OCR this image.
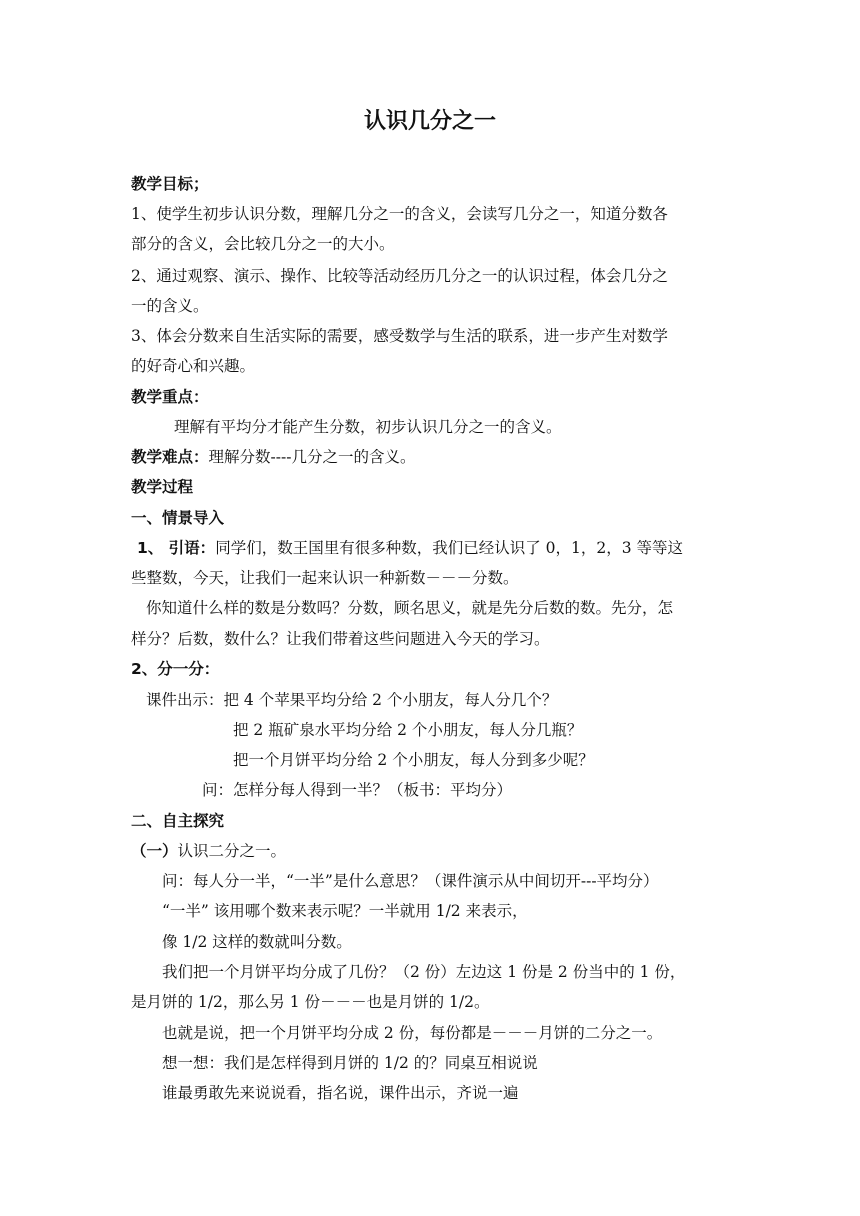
认识几分之一
教学目标；
1、使学生初步认识分数，理解几分之一的含义，会读写几分之一，知道分数各
部分的含义，会比较几分之一的大小。
2、通过观察、演示、操作、比较等活动经历几分之一的认识过程，体会几分之
一的含义。
3、体会分数来自生活实际的需要，感受数学与生活的联系，进一步产生对数学
的好奇心和兴趣。
教学重点：
理解有平均分才能产生分数，初步认识几分之一的含义。
教学难点：理解分数----几分之一的含义。
教学过程
一、情景导入
1、 引语：同学们，数王国里有很多种数，我们已经认识了 0，1，2，3 等等这
些整数，今天，让我们一起来认识一种新数－－－分数。
你知道什么样的数是分数吗？分数，顾名思义，就是先分后数的数。先分，怎
样分？后数，数什么？让我们带着这些问题进入今天的学习。
2、分一分：
课件出示：把 4 个苹果平均分给 2 个小朋友，每人分几个？
把 2 瓶矿泉水平均分给 2 个小朋友，每人分几瓶？
把一个月饼平均分给 2 个小朋友，每人分到多少呢？
问：怎样分每人得到一半？（板书：平均分）
二、自主探究
（一）认识二分之一。
问：每人分一半，“一半”是什么意思？（课件演示从中间切开---平均分）
“一半” 该用哪个数来表示呢？一半就用 1/2 来表示，
像 1/2 这样的数就叫分数。
我们把一个月饼平均分成了几份？（2 份）左边这 1 份是 2 份当中的 1 份，
是月饼的 1/2，那么另 1 份－－－也是月饼的 1/2。
也就是说，把一个月饼平均分成 2 份，每份都是－－－月饼的二分之一。
想一想：我们是怎样得到月饼的 1/2 的？同桌互相说说
谁最勇敢先来说说看，指名说，课件出示，齐说一遍
